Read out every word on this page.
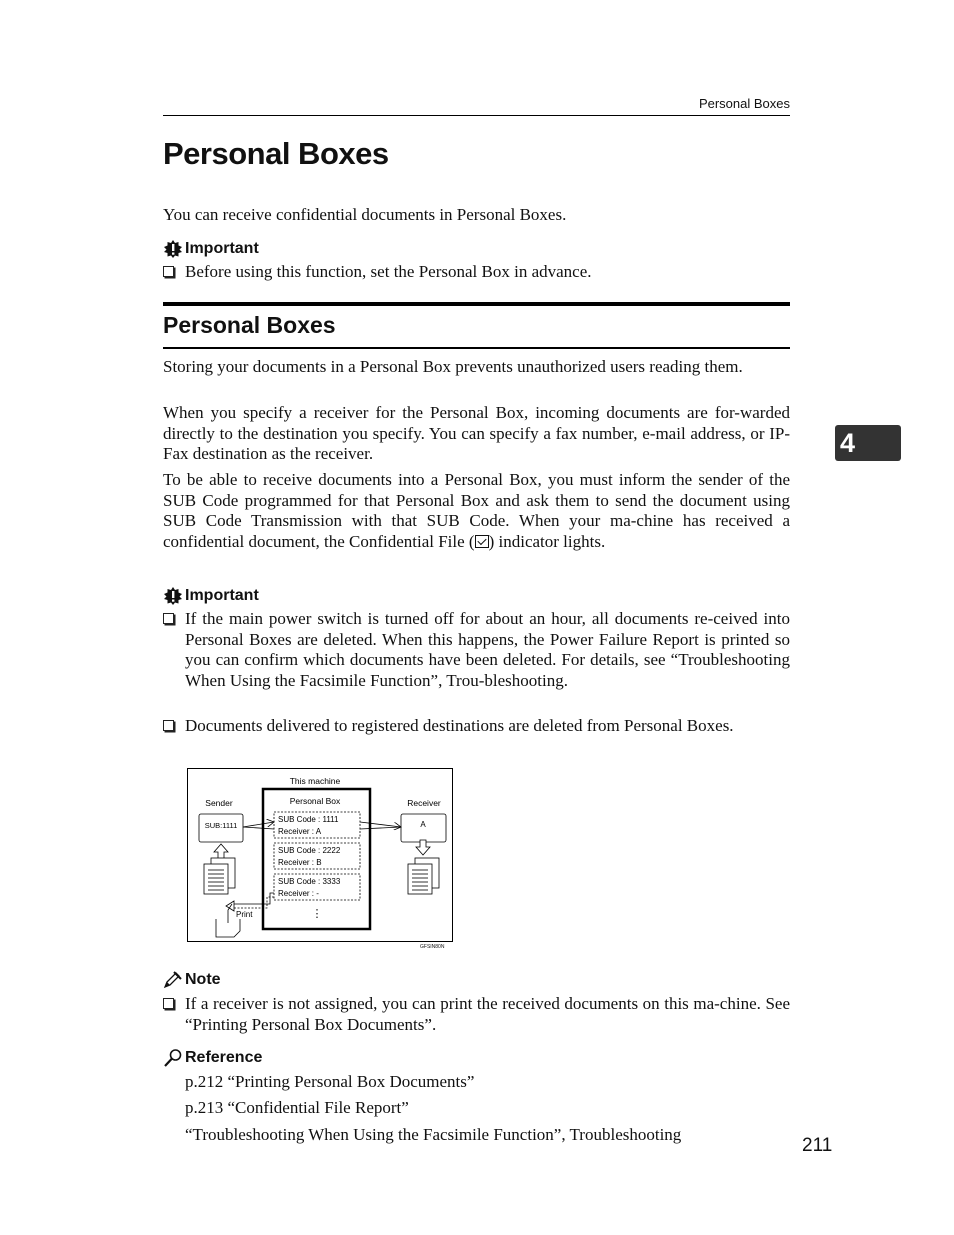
Personal Boxes
Personal Boxes

You can receive confidential documents in Personal Boxes.

Important

Before using this function, set the Personal Box in advance.

Personal Boxes

Storing your documents in a Personal Box prevents unauthorized users reading them.

When you specify a receiver for the Personal Box, incoming documents are for-warded directly to the destination you specify. You can specify a fax number, e-mail address, or IP-Fax destination as the receiver.

To be able to receive documents into a Personal Box, you must inform the sender of the SUB Code programmed for that Personal Box and ask them to send the document using SUB Code Transmission with that SUB Code. When your ma-chine has received a confidential document, the Confidential File ( ) indicator lights.

Important

If the main power switch is turned off for about an hour, all documents re-ceived into Personal Boxes are deleted. When this happens, the Power Failure Report is printed so you can confirm which documents have been deleted. For details, see “Troubleshooting When Using the Facsimile Function”, Trou-bleshooting.

Documents delivered to registered destinations are deleted from Personal Boxes.

This machine
Personal Box
SUB Code : 1111
Receiver : A
SUB Code : 2222
Receiver : B
SUB Code : 3333
Receiver : -
⋮
Sender
SUB:1111
Receiver
A
Print
GFSIN80N
Note

If a receiver is not assigned, you can print the received documents on this ma-chine. See “Printing Personal Box Documents”.

Reference

p.212 “Printing Personal Box Documents”

p.213 “Confidential File Report”

“Troubleshooting When Using the Facsimile Function”, Troubleshooting

4
211
